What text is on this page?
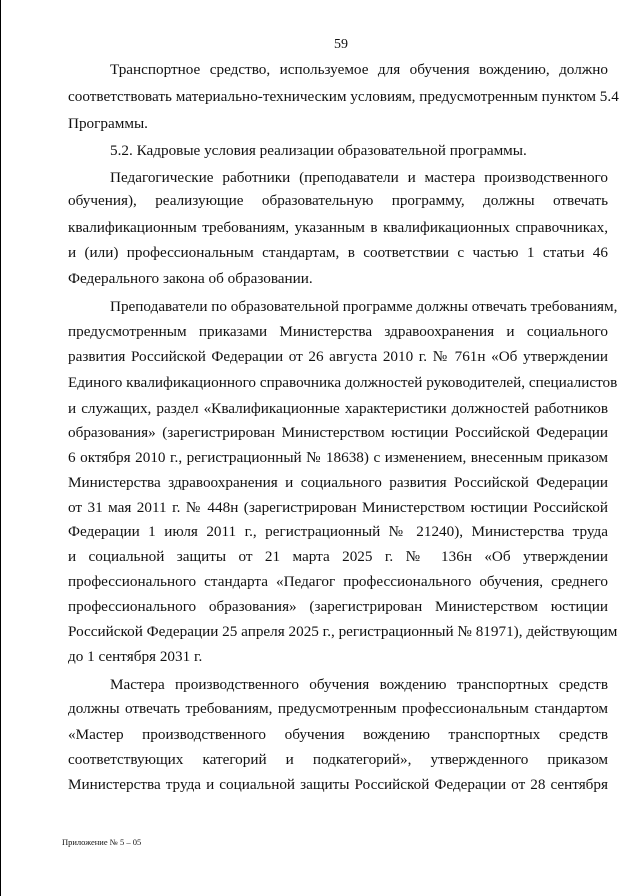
59
Транспортное средство, используемое для обучения вождению, должно
соответствовать материально-техническим условиям, предусмотренным пунктом 5.4
Программы.
5.2. Кадровые условия реализации образовательной программы.
Педагогические работники (преподаватели и мастера производственного
обучения), реализующие образовательную программу, должны отвечать
квалификационным требованиям, указанным в квалификационных справочниках,
и (или) профессиональным стандартам, в соответствии с частью 1 статьи 46
Федерального закона об образовании.
Преподаватели по образовательной программе должны отвечать требованиям,
предусмотренным приказами Министерства здравоохранения и социального
развития Российской Федерации от 26 августа 2010 г. № 761н «Об утверждении
Единого квалификационного справочника должностей руководителей, специалистов
и служащих, раздел «Квалификационные характеристики должностей работников
образования» (зарегистрирован Министерством юстиции Российской Федерации
6 октября 2010 г., регистрационный № 18638) с изменением, внесенным приказом
Министерства здравоохранения и социального развития Российской Федерации
от 31 мая 2011 г. № 448н (зарегистрирован Министерством юстиции Российской
Федерации 1 июля 2011 г., регистрационный № 21240), Министерства труда
и социальной защиты от 21 марта 2025 г. № 136н «Об утверждении
профессионального стандарта «Педагог профессионального обучения, среднего
профессионального образования» (зарегистрирован Министерством юстиции
Российской Федерации 25 апреля 2025 г., регистрационный № 81971), действующим
до 1 сентября 2031 г.
Мастера производственного обучения вождению транспортных средств
должны отвечать требованиям, предусмотренным профессиональным стандартом
«Мастер производственного обучения вождению транспортных средств
соответствующих категорий и подкатегорий», утвержденного приказом
Министерства труда и социальной защиты Российской Федерации от 28 сентября
Приложение № 5 – 05
